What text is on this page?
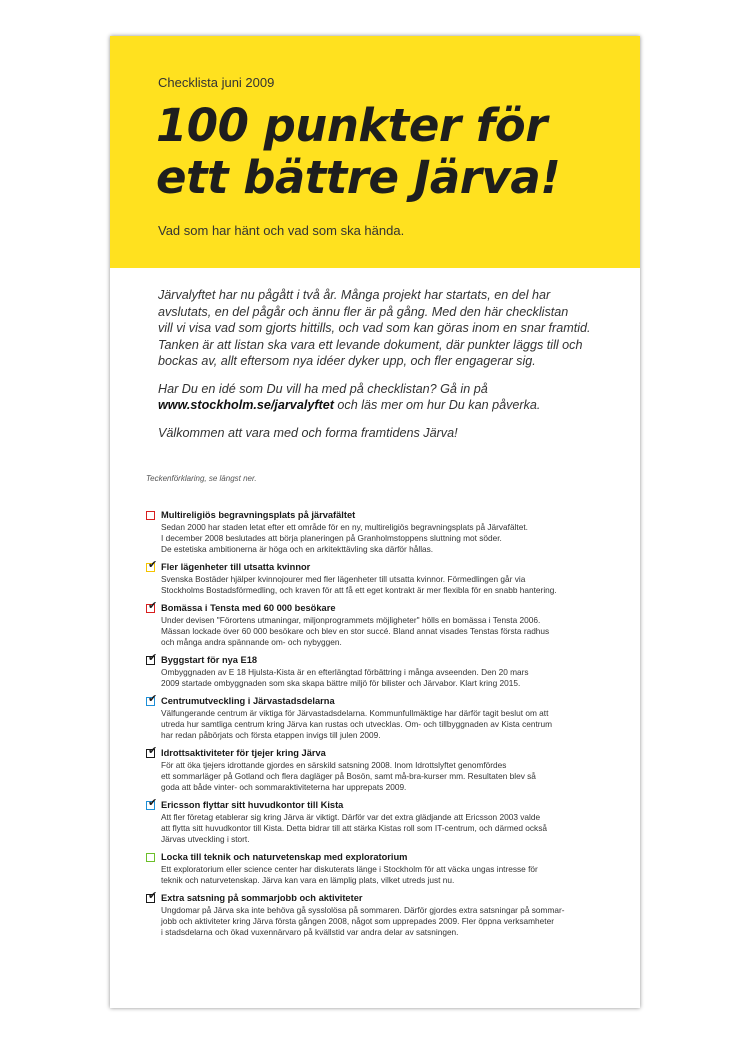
Checklista juni 2009
100 punkter för
ett bättre Järva!
Vad som har hänt och vad som ska hända.

Järvalyftet har nu pågått i två år. Många projekt har startats, en del har
avslutats, en del pågår och ännu fler är på gång. Med den här checklistan
vill vi visa vad som gjorts hittills, och vad som kan göras inom en snar framtid.
Tanken är att listan ska vara ett levande dokument, där punkter läggs till och
bockas av, allt eftersom nya idéer dyker upp, och fler engagerar sig.

Har Du en idé som Du vill ha med på checklistan? Gå in på
www.stockholm.se/jarvalyftet och läs mer om hur Du kan påverka.

Välkommen att vara med och forma framtidens Järva!

Teckenförklaring, se längst ner.
Multireligiös begravningsplats på järvafältet
Sedan 2000 har staden letat efter ett område för en ny, multireligiös begravningsplats på Järvafältet.
I december 2008 beslutades att börja planeringen på Granholmstoppens sluttning mot söder.
De estetiska ambitionerna är höga och en arkitekttävling ska därför hållas.
✔ Fler lägenheter till utsatta kvinnor
Svenska Bostäder hjälper kvinnojourer med fler lägenheter till utsatta kvinnor. Förmedlingen går via
Stockholms Bostadsförmedling, och kraven för att få ett eget kontrakt är mer flexibla för en snabb hantering.
✔ Bomässa i Tensta med 60 000 besökare
Under devisen "Förortens utmaningar, miljonprogrammets möjligheter" hölls en bomässa i Tensta 2006.
Mässan lockade över 60 000 besökare och blev en stor succé. Bland annat visades Tenstas första radhus
och många andra spännande om- och nybyggen.
✔ Byggstart för nya E18
Ombyggnaden av E 18 Hjulsta-Kista är en efterlängtad förbättring i många avseenden. Den 20 mars
2009 startade ombyggnaden som ska skapa bättre miljö för bilister och Järvabor. Klart kring 2015.
✔ Centrumutveckling i Järvastadsdelarna
Välfungerande centrum är viktiga för Järvastadsdelarna. Kommunfullmäktige har därför tagit beslut om att
utreda hur samtliga centrum kring Järva kan rustas och utvecklas. Om- och tillbyggnaden av Kista centrum
har redan påbörjats och första etappen invigs till julen 2009.
✔ Idrottsaktiviteter för tjejer kring Järva
För att öka tjejers idrottande gjordes en särskild satsning 2008. Inom Idrottslyftet genomfördes
ett sommarläger på Gotland och flera dagläger på Bosön, samt må-bra-kurser mm. Resultaten blev så
goda att både vinter- och sommaraktiviteterna har upprepats 2009.
✔ Ericsson flyttar sitt huvudkontor till Kista
Att fler företag etablerar sig kring Järva är viktigt. Därför var det extra glädjande att Ericsson 2003 valde
att flytta sitt huvudkontor till Kista. Detta bidrar till att stärka Kistas roll som IT-centrum, och därmed också
Järvas utveckling i stort.
Locka till teknik och naturvetenskap med exploratorium
Ett exploratorium eller science center har diskuterats länge i Stockholm för att väcka ungas intresse för
teknik och naturvetenskap. Järva kan vara en lämplig plats, vilket utreds just nu.
✔ Extra satsning på sommarjobb och aktiviteter
Ungdomar på Järva ska inte behöva gå sysslolösa på sommaren. Därför gjordes extra satsningar på sommar-
jobb och aktiviteter kring Järva första gången 2008, något som upprepades 2009. Fler öppna verksamheter
i stadsdelarna och ökad vuxennärvaro på kvällstid var andra delar av satsningen.
